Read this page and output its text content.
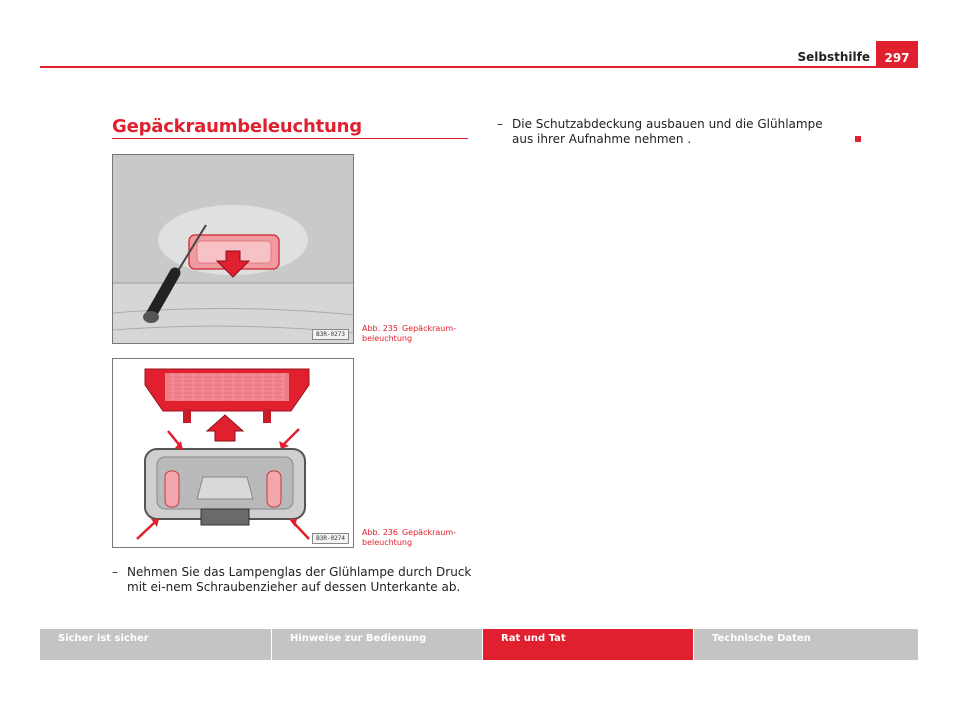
Selbsthilfe	297
Gepäckraumbeleuchtung
B3R-0273
Abb. 235 Gepäckraum-
beleuchtung
B3R-0274
Abb. 236 Gepäckraum-
beleuchtung
– Nehmen Sie das Lampenglas der Glühlampe durch Druck mit ei-nem Schraubenzieher auf dessen Unterkante ab.
– Die Schutzabdeckung ausbauen und die Glühlampe aus ihrer Aufnahme nehmen .
Sicher ist sicher	Hinweise zur Bedienung	Rat und Tat	Technische Daten
